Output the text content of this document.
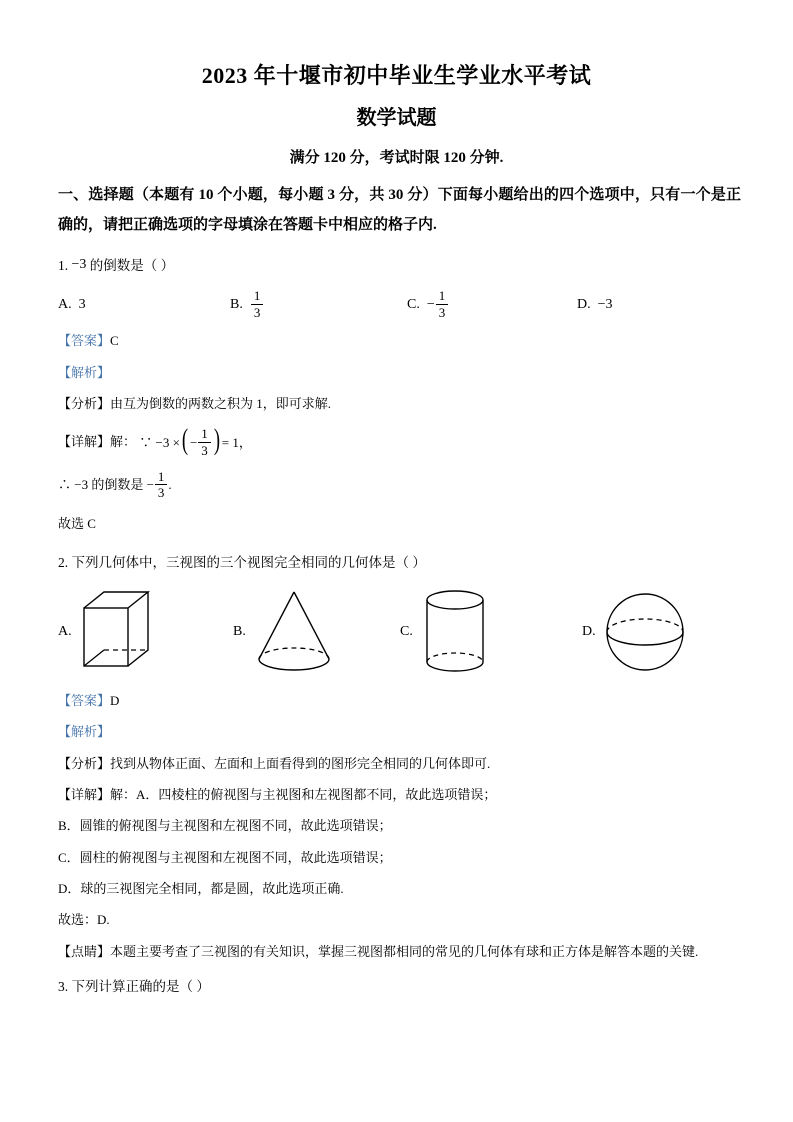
2023 年十堰市初中毕业生学业水平考试
数学试题
满分 120 分，考试时限 120 分钟.
一、选择题（本题有 10 个小题，每小题 3 分，共 30 分）下面每小题给出的四个选项中，只有一个是正确的，请把正确选项的字母填涂在答题卡中相应的格子内.
1. −3 的倒数是（ ）
A. 3	B. $\frac{1}{3}$	C. − $\frac{1}{3}$	D. −3
【答案】C
【解析】
【分析】由互为倒数的两数之积为 1，即可求解.
【详解】解： ∵ −3 ×( − $\frac{1}{3}$ ) = 1，
∴ −3 的倒数是 − $\frac{1}{3}$ .
故选 C
2. 下列几何体中，三视图的三个视图完全相同的几何体是（ ）
A.	B.	C.	D.
【答案】D
【解析】
【分析】找到从物体正面、左面和上面看得到的图形完全相同的几何体即可.
【详解】解：A．四棱柱的俯视图与主视图和左视图都不同，故此选项错误；
B．圆锥的俯视图与主视图和左视图不同，故此选项错误；
C．圆柱的俯视图与主视图和左视图不同，故此选项错误；
D．球的三视图完全相同，都是圆，故此选项正确.
故选：D.
【点睛】本题主要考查了三视图的有关知识，掌握三视图都相同的常见的几何体有球和正方体是解答本题的关键.
3. 下列计算正确的是（ ）
